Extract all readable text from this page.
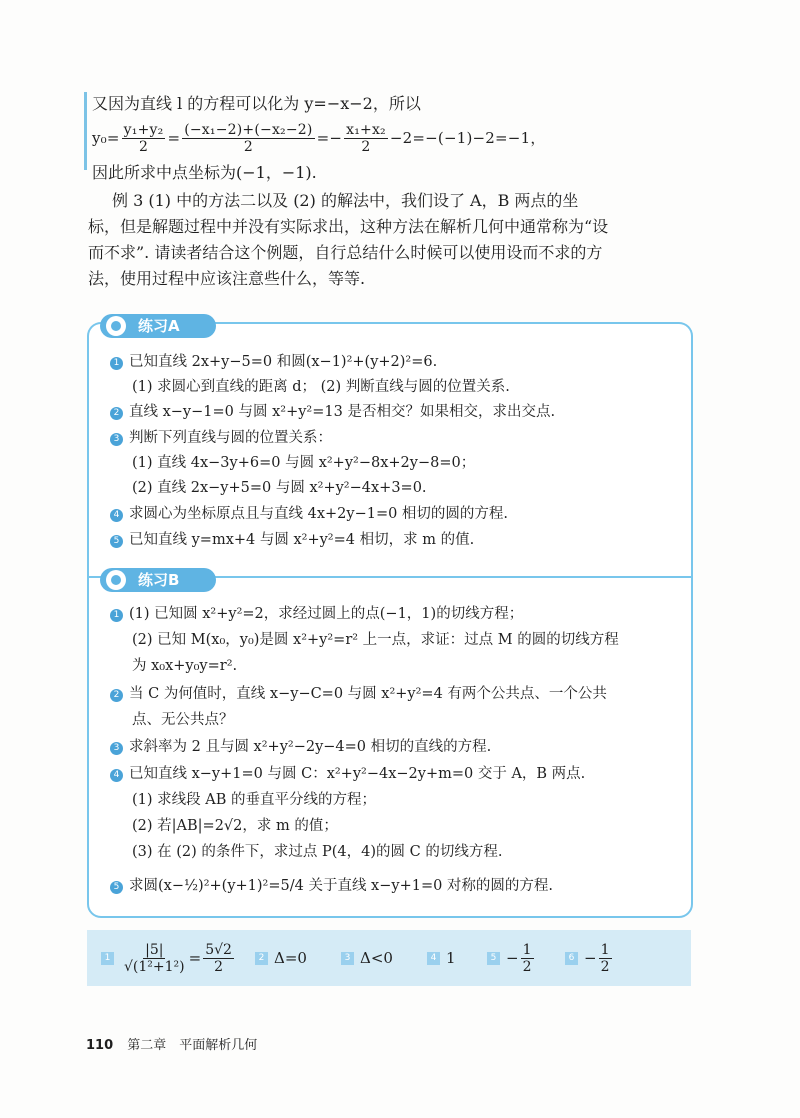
又因为直线 l 的方程可以化为 y=−x−2，所以
$y_0= \frac{\text{y₁+y₂}}{2} = \frac{\text{(−x₁−2)+(−x₂−2)}}{2} =- \frac{\text{x₁+x₂}}{2} -2=-(-1)-2=-1$，
因此所求中点坐标为(−1，−1).
例 3 (1) 中的方法二以及 (2) 的解法中，我们设了 A，B 两点的坐
标，但是解题过程中并没有实际求出，这种方法在解析几何中通常称为“设
而不求”. 请读者结合这个例题，自行总结什么时候可以使用设而不求的方
法，使用过程中应该注意些什么，等等.
练习A
1 已知直线 2x+y−5=0 和圆(x−1)²+(y+2)²=6.
(1) 求圆心到直线的距离 d； (2) 判断直线与圆的位置关系.
2 直线 x−y−1=0 与圆 x²+y²=13 是否相交？如果相交，求出交点.
3 判断下列直线与圆的位置关系：
(1) 直线 4x−3y+6=0 与圆 x²+y²−8x+2y−8=0；
(2) 直线 2x−y+5=0 与圆 x²+y²−4x+3=0.
4 求圆心为坐标原点且与直线 4x+2y−1=0 相切的圆的方程.
5 已知直线 y=mx+4 与圆 x²+y²=4 相切，求 m 的值.
练习B
1 (1) 已知圆 x²+y²=2，求经过圆上的点(−1，1)的切线方程；
(2) 已知 M(x₀，y₀)是圆 x²+y²=r² 上一点，求证：过点 M 的圆的切线方程
为 x₀x+y₀y=r².
2 当 C 为何值时，直线 x−y−C=0 与圆 x²+y²=4 有两个公共点、一个公共
点、无公共点？
3 求斜率为 2 且与圆 x²+y²−2y−4=0 相切的直线的方程.
4 已知直线 x−y+1=0 与圆 C：x²+y²−4x−2y+m=0 交于 A，B 两点.
(1) 求线段 AB 的垂直平分线的方程；
(2) 若|AB|=2√2，求 m 的值；
(3) 在 (2) 的条件下，求过点 P(4，4)的圆 C 的切线方程.
5 求圆(x−½)²+(y+1)²=5/4 关于直线 x−y+1=0 对称的圆的方程.
$1 \frac{|5|}{\text{√(1²+1²)}} = \frac{5√2}{2}$	2 Δ=0	3 Δ<0	4 1	$5 - \frac{1}{2}$	$6 - \frac{1}{2}$
110 第二章　平面解析几何
